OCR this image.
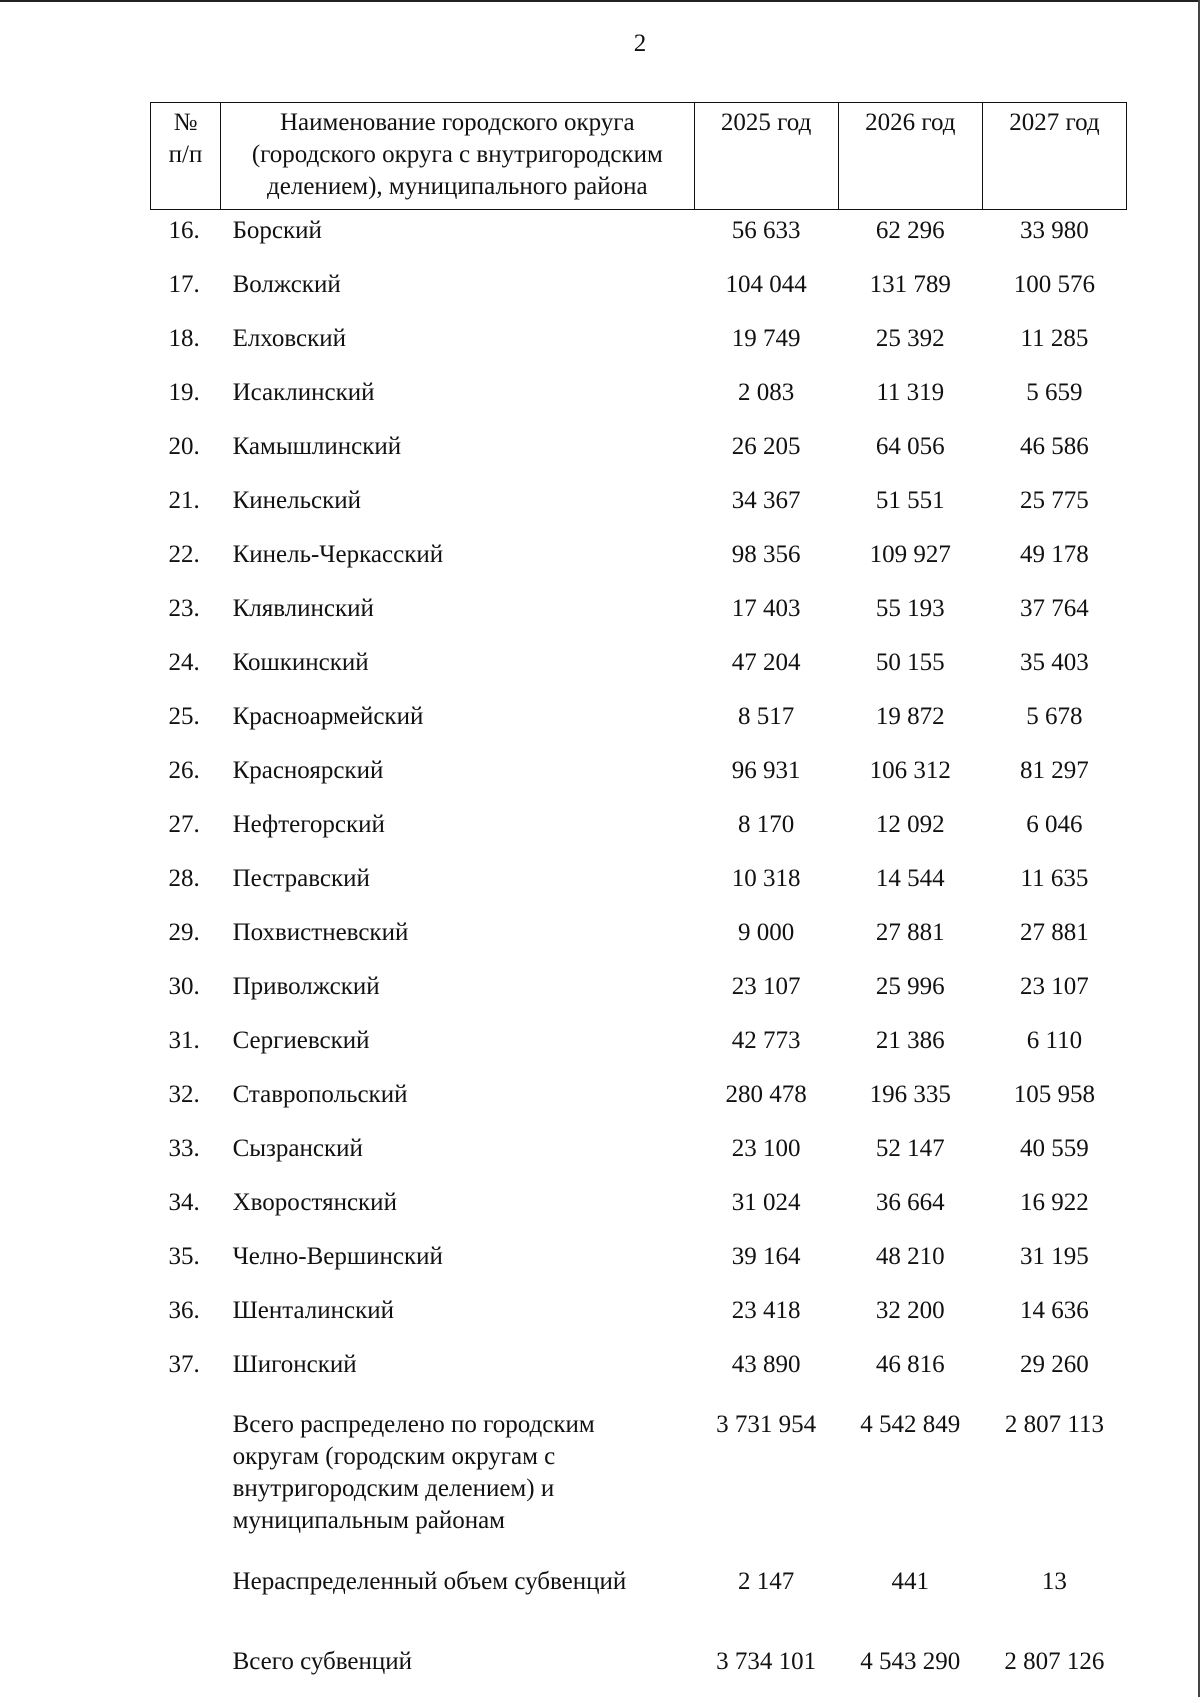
2
№
п/п	Наименование городского округа (городского округа с внутригородским делением), муниципального района	2025 год	2026 год	2027 год
16.	Борский	56 633	62 296	33 980
17.	Волжский	104 044	131 789	100 576
18.	Елховский	19 749	25 392	11 285
19.	Исаклинский	2 083	11 319	5 659
20.	Камышлинский	26 205	64 056	46 586
21.	Кинельский	34 367	51 551	25 775
22.	Кинель-Черкасский	98 356	109 927	49 178
23.	Клявлинский	17 403	55 193	37 764
24.	Кошкинский	47 204	50 155	35 403
25.	Красноармейский	8 517	19 872	5 678
26.	Красноярский	96 931	106 312	81 297
27.	Нефтегорский	8 170	12 092	6 046
28.	Пестравский	10 318	14 544	11 635
29.	Похвистневский	9 000	27 881	27 881
30.	Приволжский	23 107	25 996	23 107
31.	Сергиевский	42 773	21 386	6 110
32.	Ставропольский	280 478	196 335	105 958
33.	Сызранский	23 100	52 147	40 559
34.	Хворостянский	31 024	36 664	16 922
35.	Челно-Вершинский	39 164	48 210	31 195
36.	Шенталинский	23 418	32 200	14 636
37.	Шигонский	43 890	46 816	29 260
	Всего распределено по городским округам (городским округам с внутригородским делением) и муниципальным районам	3 731 954	4 542 849	2 807 113
	Нераспределенный объем субвенций	2 147	441	13
	Всего субвенций	3 734 101	4 543 290	2 807 126
